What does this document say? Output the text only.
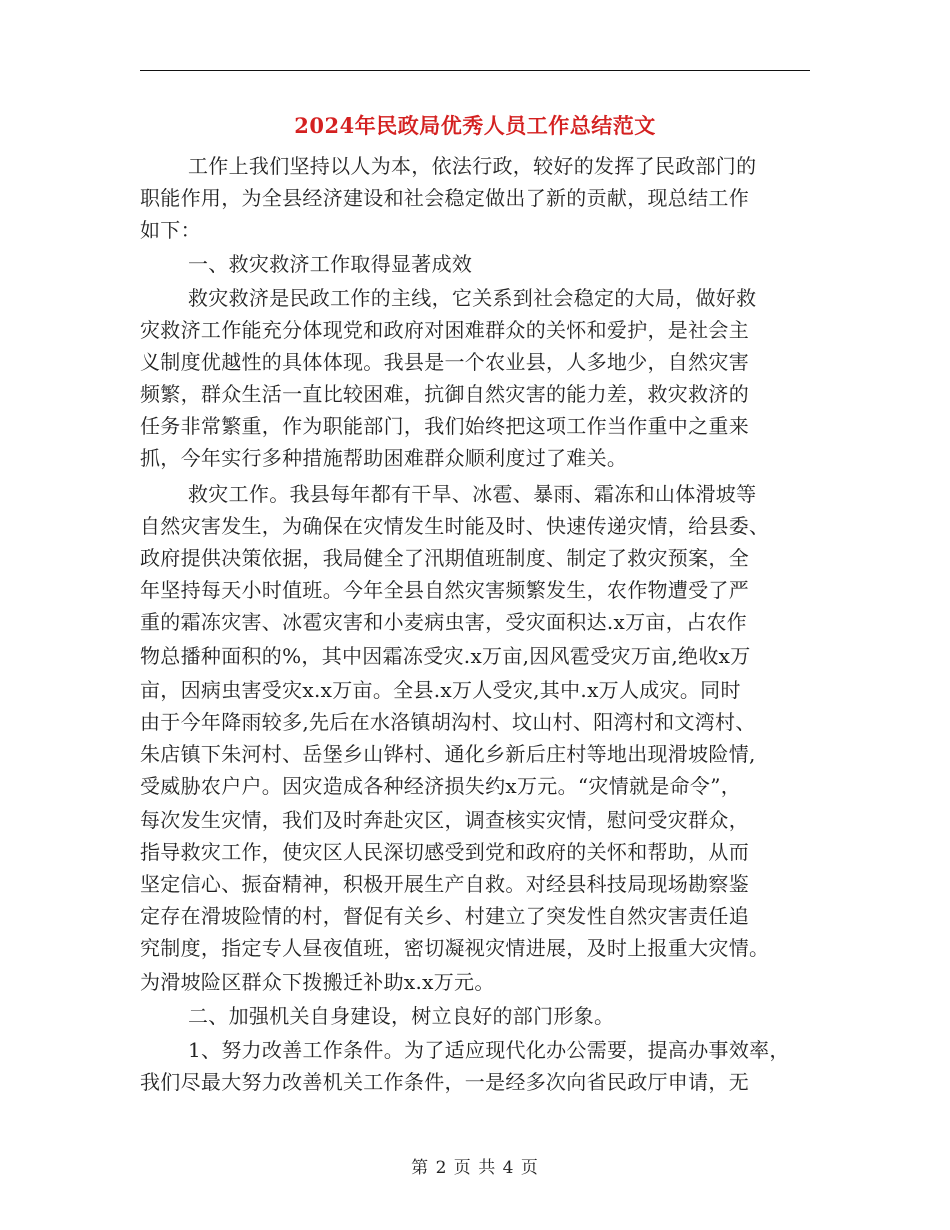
2024年民政局优秀人员工作总结范文
工作上我们坚持以人为本，依法行政，较好的发挥了民政部门的
职能作用，为全县经济建设和社会稳定做出了新的贡献，现总结工作
如下：
一、救灾救济工作取得显著成效
救灾救济是民政工作的主线，它关系到社会稳定的大局，做好救
灾救济工作能充分体现党和政府对困难群众的关怀和爱护，是社会主
义制度优越性的具体体现。我县是一个农业县，人多地少，自然灾害
频繁，群众生活一直比较困难，抗御自然灾害的能力差，救灾救济的
任务非常繁重，作为职能部门，我们始终把这项工作当作重中之重来
抓，今年实行多种措施帮助困难群众顺利度过了难关。
救灾工作。我县每年都有干旱、冰雹、暴雨、霜冻和山体滑坡等
自然灾害发生，为确保在灾情发生时能及时、快速传递灾情，给县委、
政府提供决策依据，我局健全了汛期值班制度、制定了救灾预案，全
年坚持每天小时值班。今年全县自然灾害频繁发生，农作物遭受了严
重的霜冻灾害、冰雹灾害和小麦病虫害，受灾面积达.x万亩，占农作
物总播种面积的%，其中因霜冻受灾.x万亩,因风雹受灾万亩,绝收x万
亩，因病虫害受灾x.x万亩。全县.x万人受灾,其中.x万人成灾。同时
由于今年降雨较多,先后在水洛镇胡沟村、坟山村、阳湾村和文湾村、
朱店镇下朱河村、岳堡乡山铧村、通化乡新后庄村等地出现滑坡险情,
受威胁农户户。因灾造成各种经济损失约x万元。“灾情就是命令”，
每次发生灾情，我们及时奔赴灾区，调查核实灾情，慰问受灾群众，
指导救灾工作，使灾区人民深切感受到党和政府的关怀和帮助，从而
坚定信心、振奋精神，积极开展生产自救。对经县科技局现场勘察鉴
定存在滑坡险情的村，督促有关乡、村建立了突发性自然灾害责任追
究制度，指定专人昼夜值班，密切凝视灾情进展，及时上报重大灾情。
为滑坡险区群众下拨搬迁补助x.x万元。
二、加强机关自身建设，树立良好的部门形象。
1、努力改善工作条件。为了适应现代化办公需要，提高办事效率，
我们尽最大努力改善机关工作条件，一是经多次向省民政厅申请，无
第 2 页 共 4 页
